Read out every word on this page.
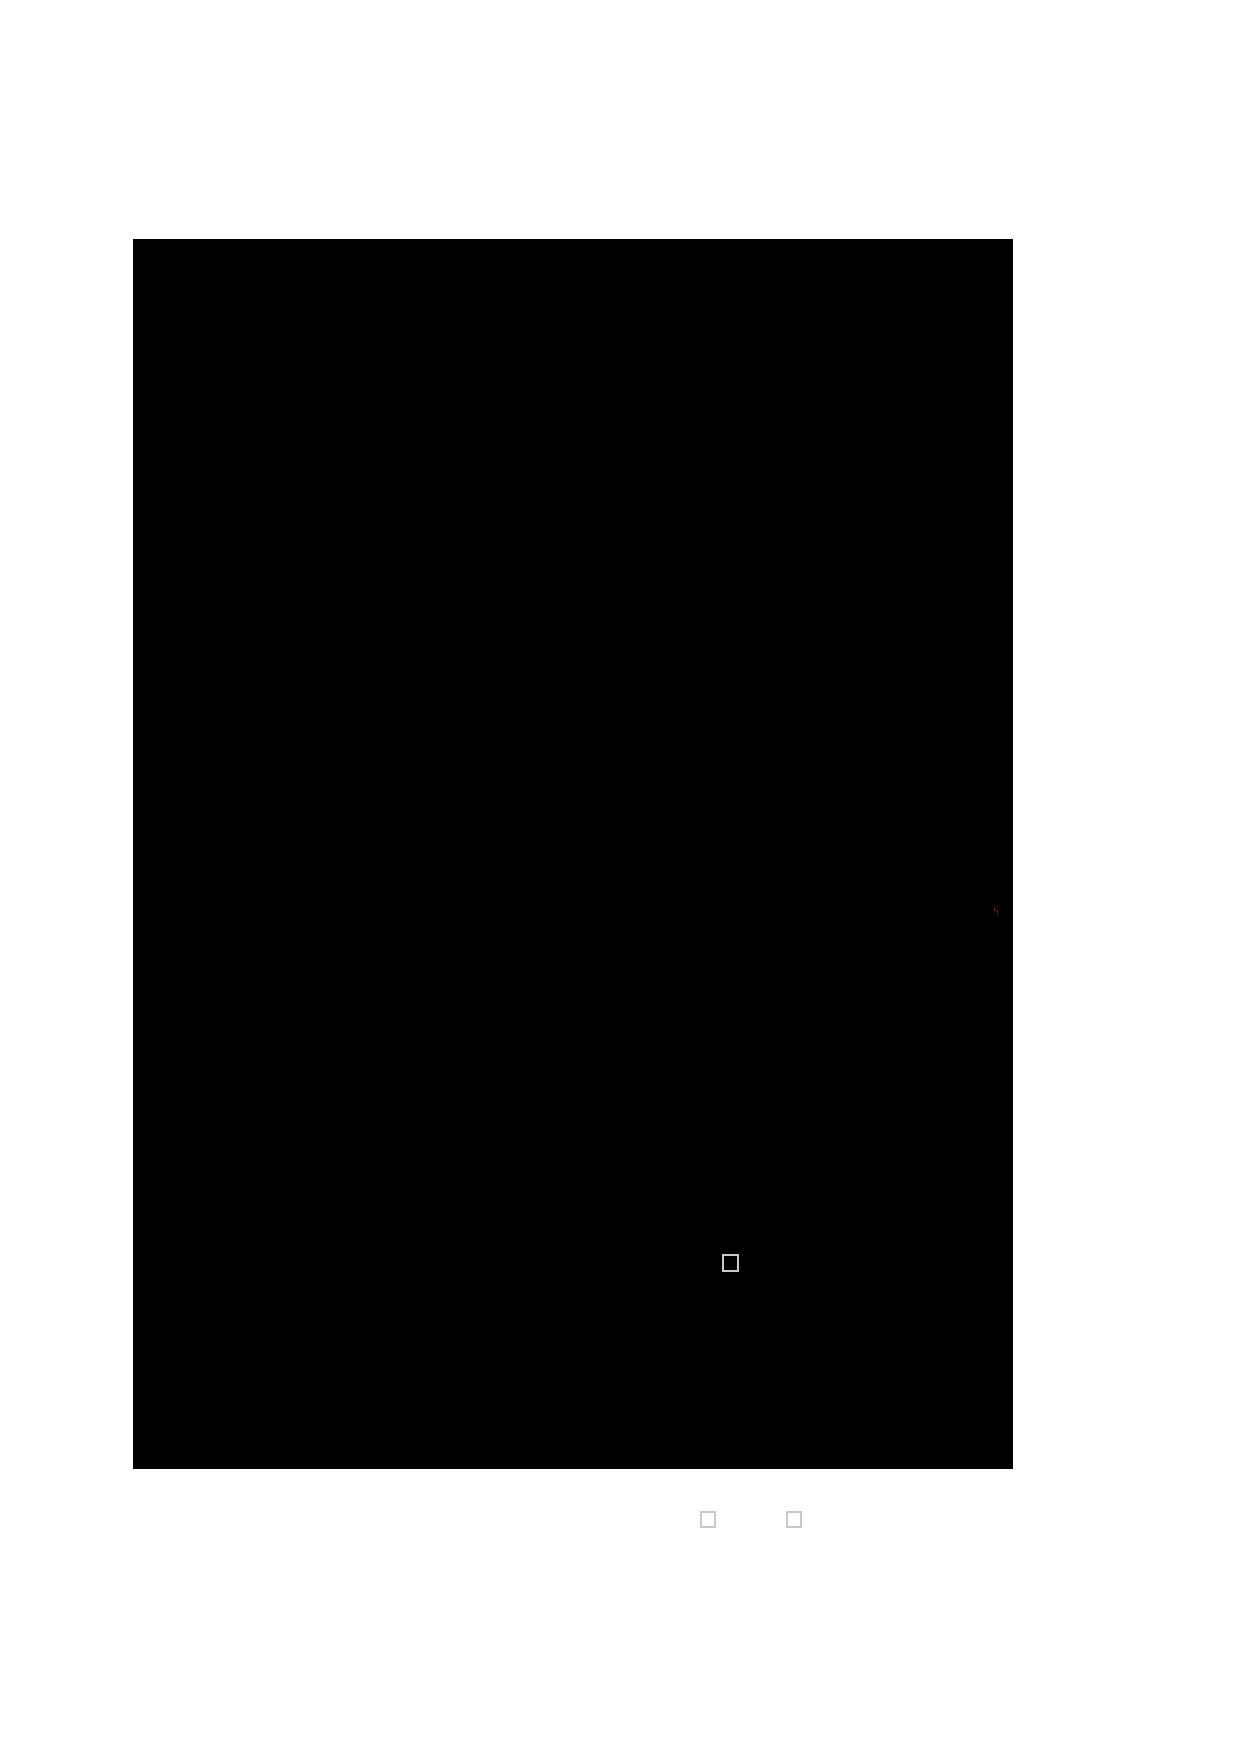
ϟ
